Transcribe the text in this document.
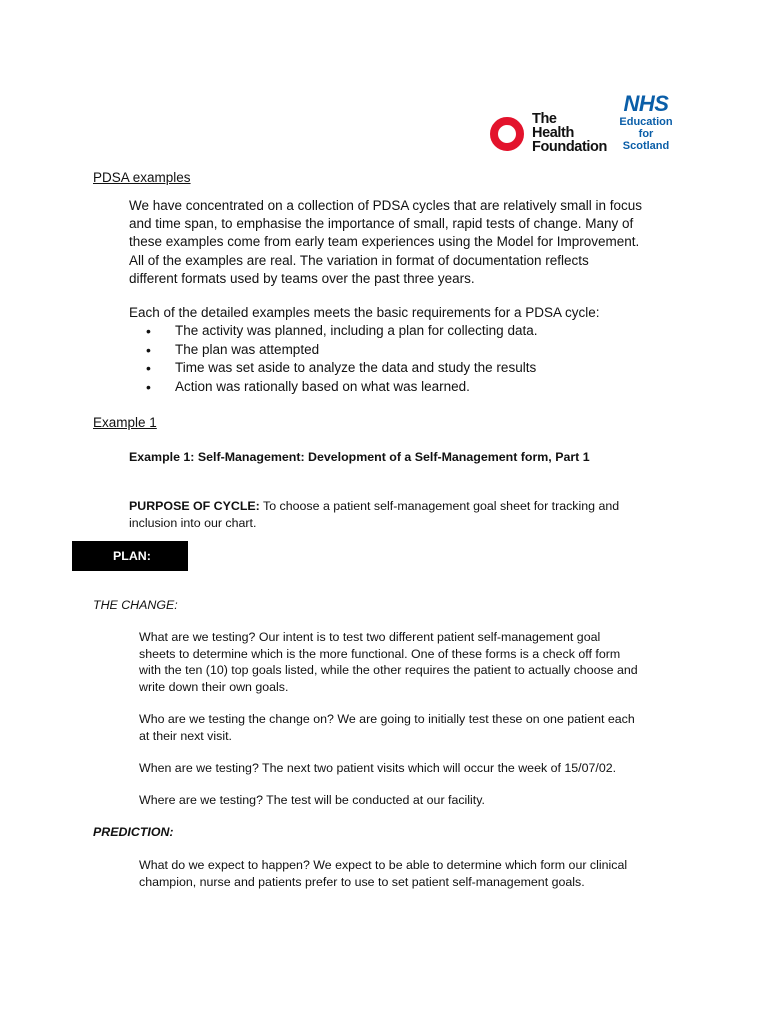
The
Health
Foundation
NHS
Education
for
Scotland
PDSA examples
We have concentrated on a collection of PDSA cycles that are relatively small in focus
and time span, to emphasise the importance of small, rapid tests of change. Many of
these examples come from early team experiences using the Model for Improvement.
All of the examples are real. The variation in format of documentation reflects
different formats used by teams over the past three years.
Each of the detailed examples meets the basic requirements for a PDSA cycle:
• The activity was planned, including a plan for collecting data.
• The plan was attempted
• Time was set aside to analyze the data and study the results
• Action was rationally based on what was learned.
Example 1
Example 1: Self-Management: Development of a Self-Management form, Part 1
PURPOSE OF CYCLE: To choose a patient self-management goal sheet for tracking and
inclusion into our chart.
PLAN:
THE CHANGE:
What are we testing? Our intent is to test two different patient self-management goal
sheets to determine which is the more functional. One of these forms is a check off form
with the ten (10) top goals listed, while the other requires the patient to actually choose and
write down their own goals.
Who are we testing the change on? We are going to initially test these on one patient each
at their next visit.
When are we testing? The next two patient visits which will occur the week of 15/07/02.
Where are we testing? The test will be conducted at our facility.
PREDICTION:
What do we expect to happen? We expect to be able to determine which form our clinical
champion, nurse and patients prefer to use to set patient self-management goals.
